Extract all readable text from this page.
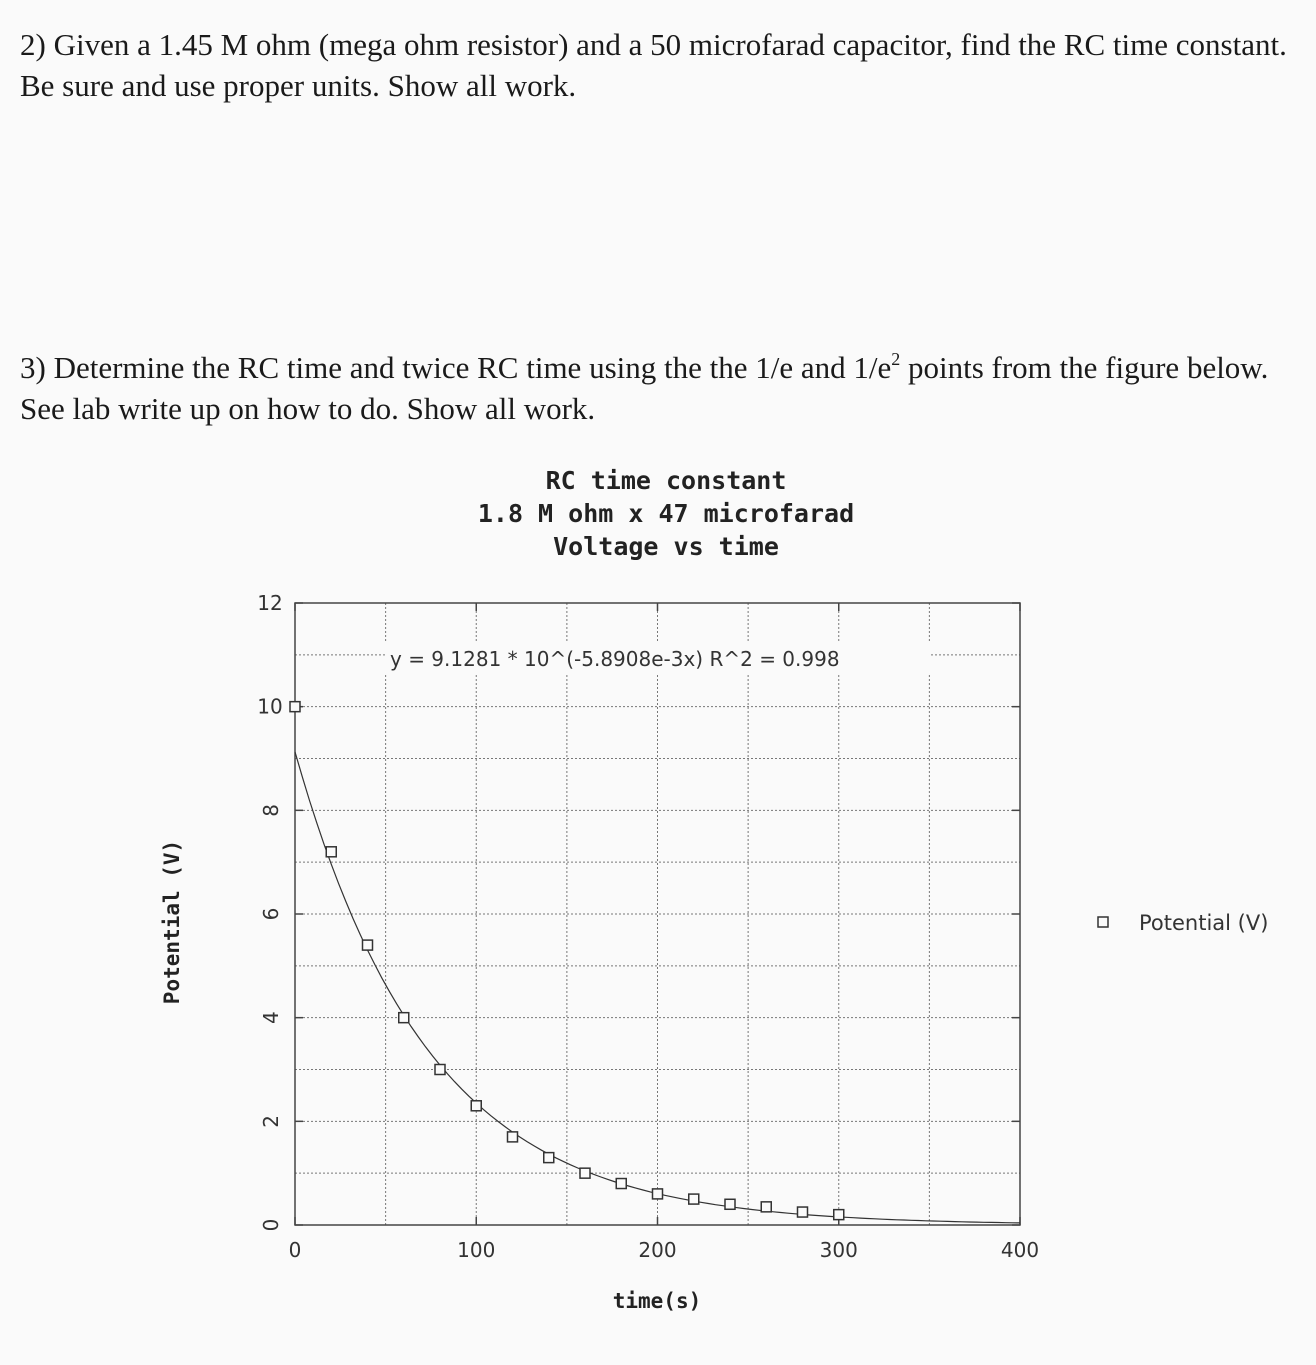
2) Given a 1.45 M ohm (mega ohm resistor) and a 50 microfarad capacitor, find the RC time constant. Be sure and use proper units. Show all work.
3) Determine the RC time and twice RC time using the the 1/e and $1/e^2$ points from the figure below. See lab write up on how to do. Show all work.
RC time constant
1.8 M ohm x 47 microfarad
Voltage vs time
0	100	200	300	400
0
2
4
6
8
10
12
y = 9.1281 * 10^(-5.8908e-3x) R^2 = 0.998
time(s)
Potential (V)	Potential (V)
